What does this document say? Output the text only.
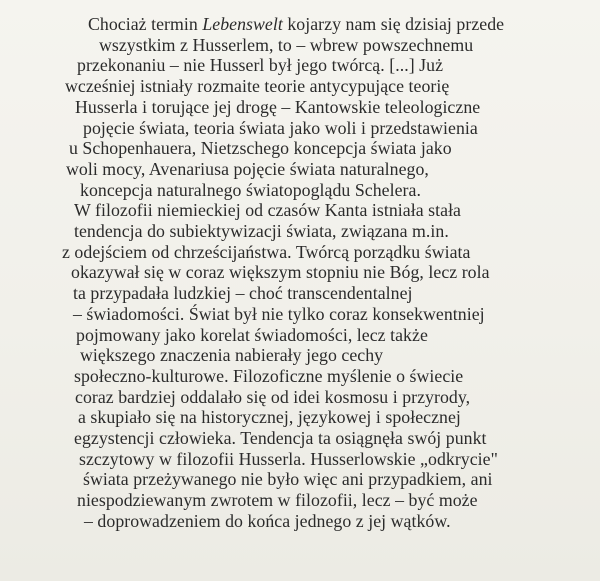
Chociaż termin Lebenswelt kojarzy nam się dzisiaj przede
wszystkim z Husserlem, to – wbrew powszechnemu
przekonaniu – nie Husserl był jego twórcą. [...] Już
wcześniej istniały rozmaite teorie antycypujące teorię
Husserla i torujące jej drogę – Kantowskie teleologiczne
pojęcie świata, teoria świata jako woli i przedstawienia
u Schopenhauera, Nietzschego koncepcja świata jako
woli mocy, Avenariusa pojęcie świata naturalnego,
koncepcja naturalnego światopoglądu Schelera.
W filozofii niemieckiej od czasów Kanta istniała stała
tendencja do subiektywizacji świata, związana m.in.
z odejściem od chrześcijaństwa. Twórcą porządku świata
okazywał się w coraz większym stopniu nie Bóg, lecz rola
ta przypadała ludzkiej – choć transcendentalnej
– świadomości. Świat był nie tylko coraz konsekwentniej
pojmowany jako korelat świadomości, lecz także
większego znaczenia nabierały jego cechy
społeczno-kulturowe. Filozoficzne myślenie o świecie
coraz bardziej oddalało się od idei kosmosu i przyrody,
a skupiało się na historycznej, językowej i społecznej
egzystencji człowieka. Tendencja ta osiągnęła swój punkt
szczytowy w filozofii Husserla. Husserlowskie „odkrycie"
świata przeżywanego nie było więc ani przypadkiem, ani
niespodziewanym zwrotem w filozofii, lecz – być może
– doprowadzeniem do końca jednego z jej wątków.
